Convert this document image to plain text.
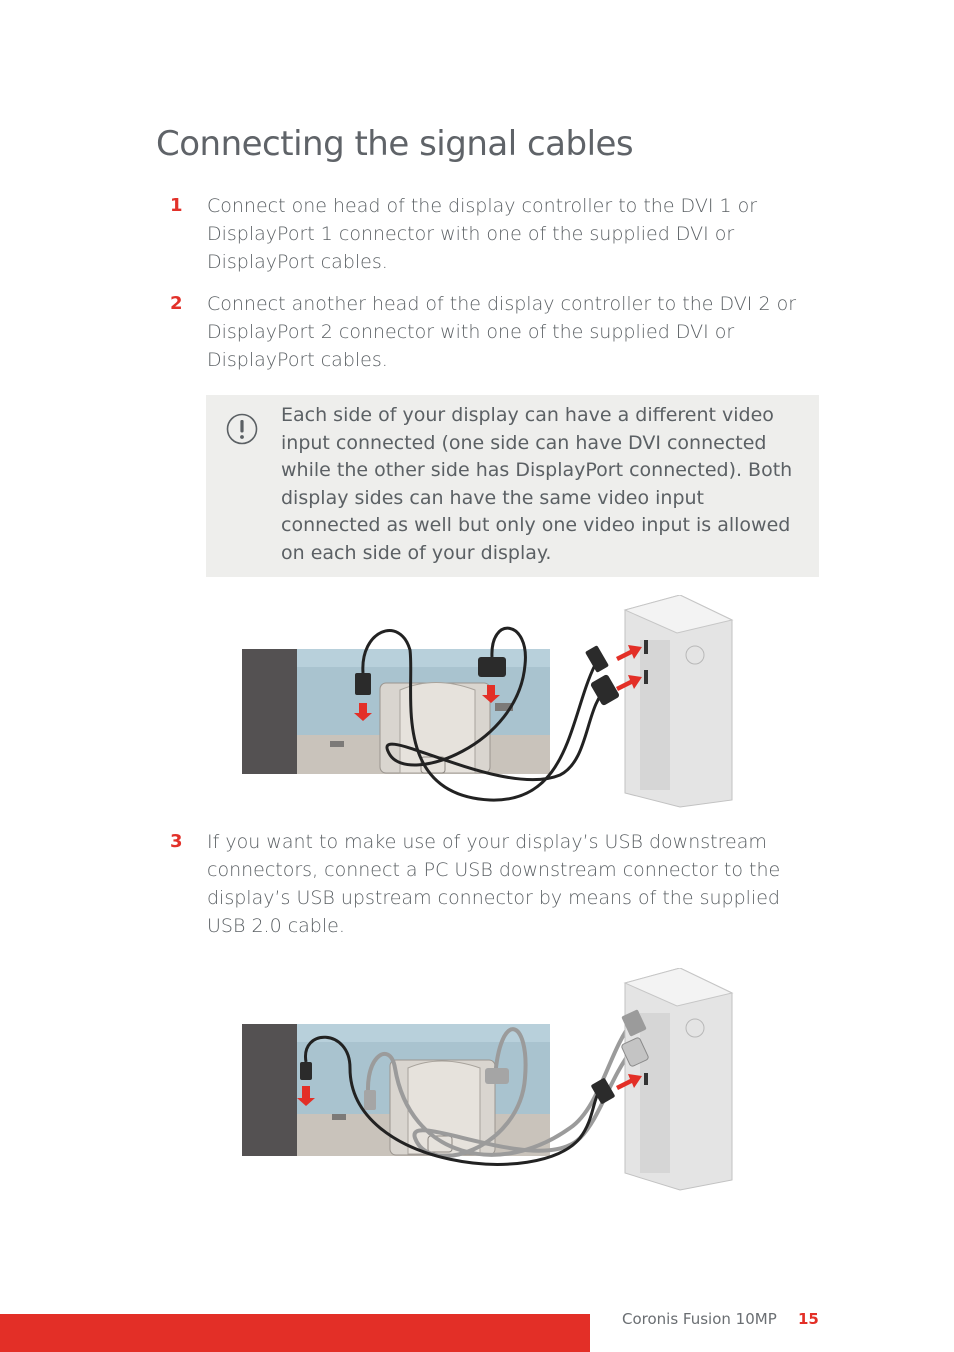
Connecting the signal cables
1 Connect one head of the display controller to the DVI 1 or DisplayPort 1 connector with one of the supplied DVI or DisplayPort cables.
2 Connect another head of the display controller to the DVI 2 or DisplayPort 2 connector with one of the supplied DVI or DisplayPort cables.
Each side of your display can have a different video input connected (one side can have DVI connected while the other side has DisplayPort connected). Both display sides can have the same video input connected as well but only one video input is allowed on each side of your display.
3 If you want to make use of your display’s USB downstream connectors, connect a PC USB downstream connector to the display’s USB upstream connector by means of the supplied USB 2.0 cable.
Coronis Fusion 10MP 15
